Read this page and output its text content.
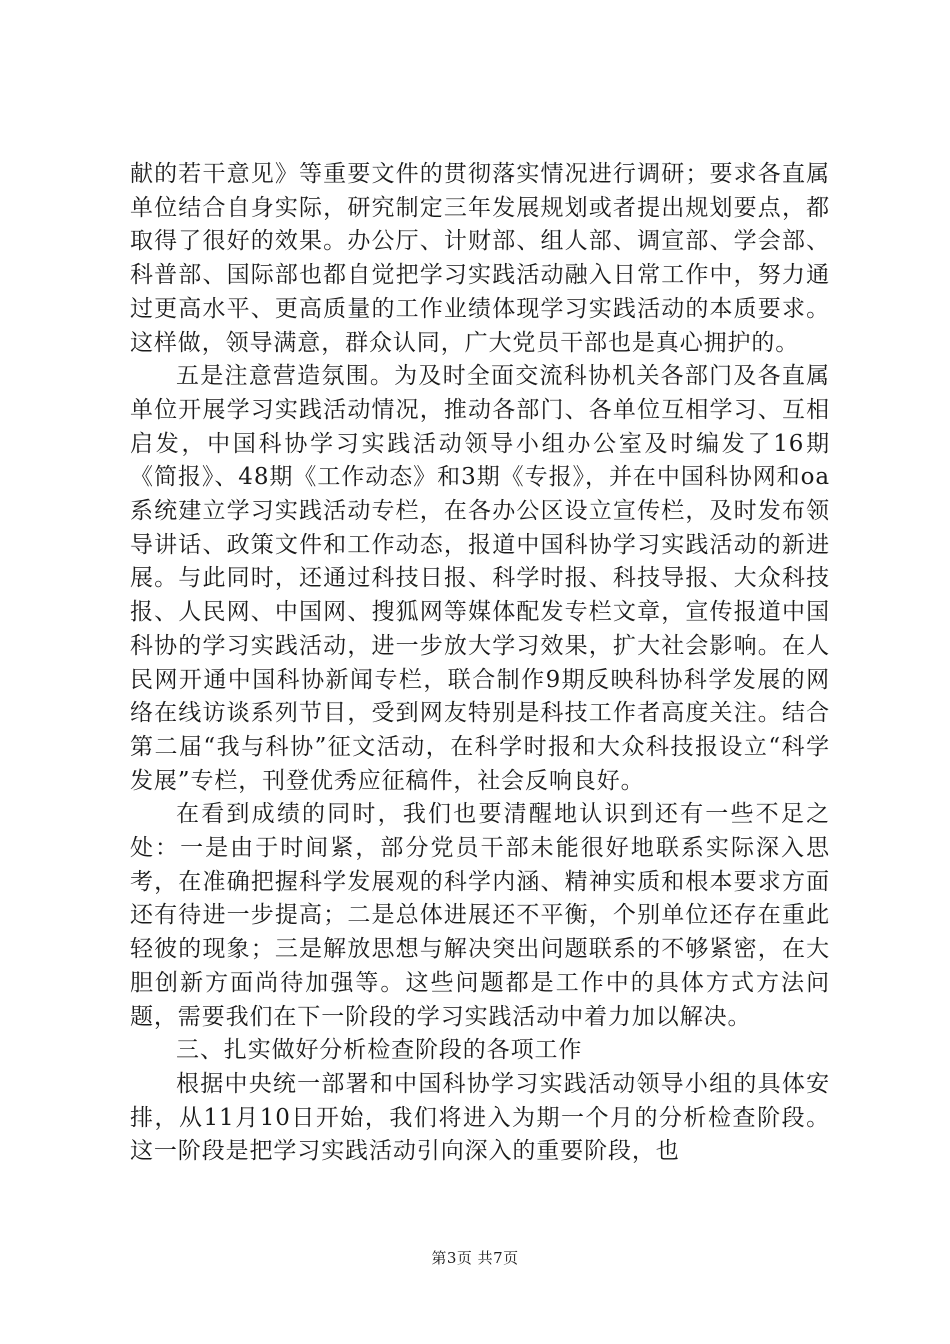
献的若干意见》等重要文件的贯彻落实情况进行调研；要求各直属单位结合自身实际，研究制定三年发展规划或者提出规划要点，都取得了很好的效果。办公厅、计财部、组人部、调宣部、学会部、科普部、国际部也都自觉把学习实践活动融入日常工作中，努力通过更高水平、更高质量的工作业绩体现学习实践活动的本质要求。这样做，领导满意，群众认同，广大党员干部也是真心拥护的。

五是注意营造氛围。为及时全面交流科协机关各部门及各直属单位开展学习实践活动情况，推动各部门、各单位互相学习、互相启发，中国科协学习实践活动领导小组办公室及时编发了16期《简报》、48期《工作动态》和3期《专报》，并在中国科协网和oa系统建立学习实践活动专栏，在各办公区设立宣传栏，及时发布领导讲话、政策文件和工作动态，报道中国科协学习实践活动的新进展。与此同时，还通过科技日报、科学时报、科技导报、大众科技报、人民网、中国网、搜狐网等媒体配发专栏文章，宣传报道中国科协的学习实践活动，进一步放大学习效果，扩大社会影响。在人民网开通中国科协新闻专栏，联合制作9期反映科协科学发展的网络在线访谈系列节目，受到网友特别是科技工作者高度关注。结合第二届“我与科协”征文活动，在科学时报和大众科技报设立“科学发展”专栏，刊登优秀应征稿件，社会反响良好。

在看到成绩的同时，我们也要清醒地认识到还有一些不足之处：一是由于时间紧，部分党员干部未能很好地联系实际深入思考，在准确把握科学发展观的科学内涵、精神实质和根本要求方面还有待进一步提高；二是总体进展还不平衡，个别单位还存在重此轻彼的现象；三是解放思想与解决突出问题联系的不够紧密，在大胆创新方面尚待加强等。这些问题都是工作中的具体方式方法问题，需要我们在下一阶段的学习实践活动中着力加以解决。

三、扎实做好分析检查阶段的各项工作

根据中央统一部署和中国科协学习实践活动领导小组的具体安排，从11月10日开始，我们将进入为期一个月的分析检查阶段。这一阶段是把学习实践活动引向深入的重要阶段，也

第3页 共7页
